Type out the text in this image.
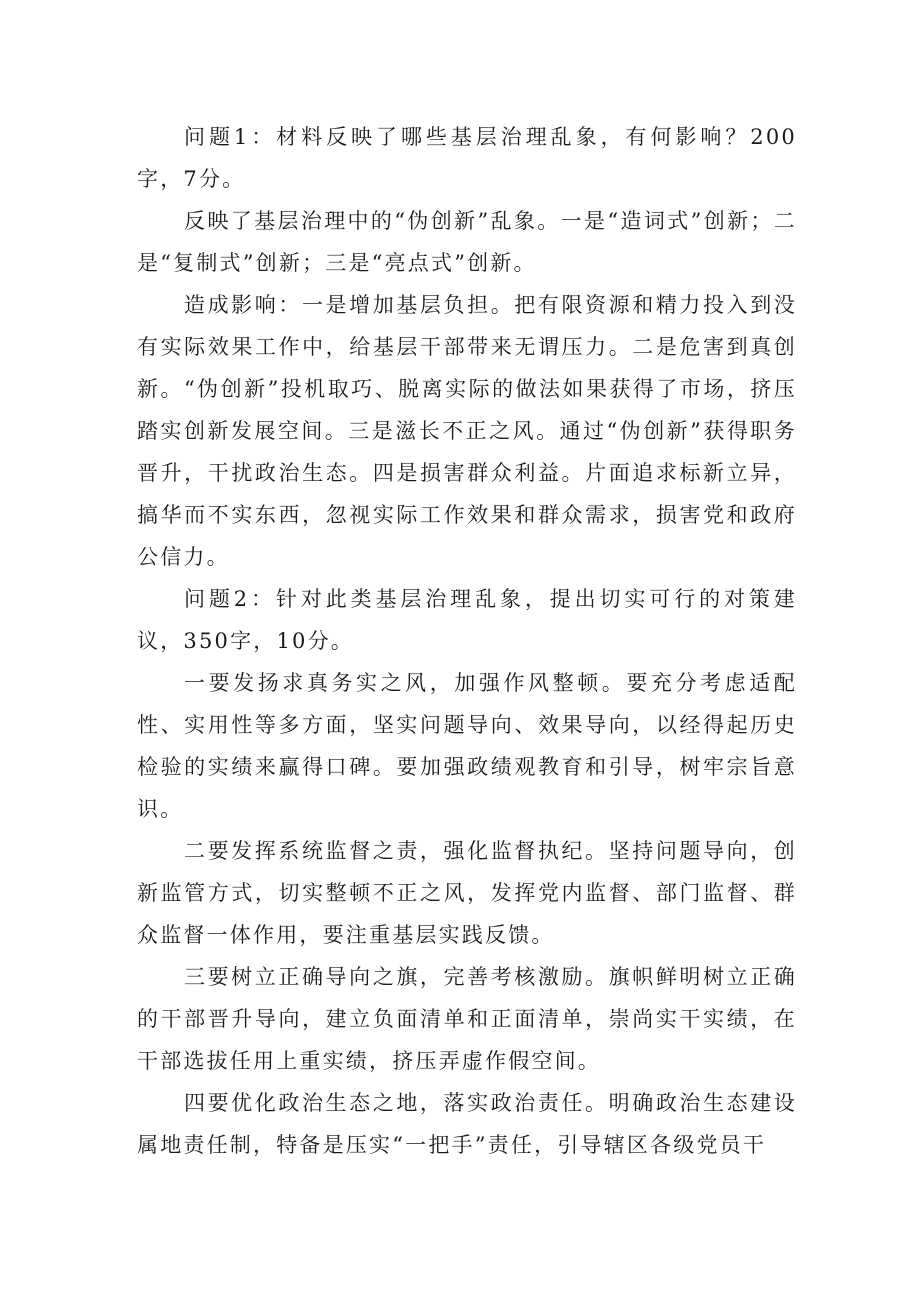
问题1：材料反映了哪些基层治理乱象，有何影响？200字，7分。

反映了基层治理中的“伪创新”乱象。一是“造词式”创新；二是“复制式”创新；三是“亮点式”创新。

造成影响：一是增加基层负担。把有限资源和精力投入到没有实际效果工作中，给基层干部带来无谓压力。二是危害到真创新。“伪创新”投机取巧、脱离实际的做法如果获得了市场，挤压踏实创新发展空间。三是滋长不正之风。通过“伪创新”获得职务晋升，干扰政治生态。四是损害群众利益。片面追求标新立异，搞华而不实东西，忽视实际工作效果和群众需求，损害党和政府公信力。

问题2：针对此类基层治理乱象，提出切实可行的对策建议，350字，10分。

一要发扬求真务实之风，加强作风整顿。要充分考虑适配性、实用性等多方面，坚实问题导向、效果导向，以经得起历史检验的实绩来赢得口碑。要加强政绩观教育和引导，树牢宗旨意识。

二要发挥系统监督之责，强化监督执纪。坚持问题导向，创新监管方式，切实整顿不正之风，发挥党内监督、部门监督、群众监督一体作用，要注重基层实践反馈。

三要树立正确导向之旗，完善考核激励。旗帜鲜明树立正确的干部晋升导向，建立负面清单和正面清单，崇尚实干实绩，在干部选拔任用上重实绩，挤压弄虚作假空间。

四要优化政治生态之地，落实政治责任。明确政治生态建设属地责任制，特备是压实“一把手”责任，引导辖区各级党员干
